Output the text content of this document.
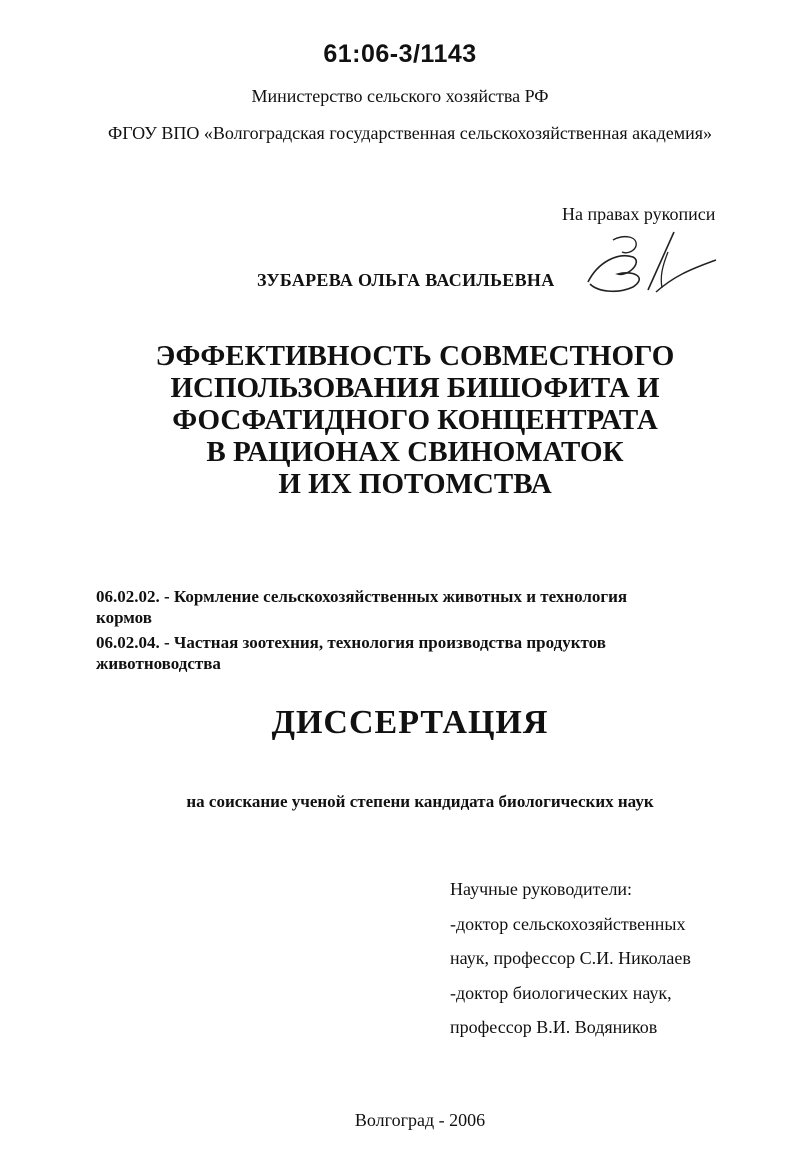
61:06-3/1143
Министерство сельского хозяйства РФ
ФГОУ ВПО «Волгоградская государственная сельскохозяйственная академия»
На правах рукописи
ЗУБАРЕВА ОЛЬГА ВАСИЛЬЕВНА
ЭФФЕКТИВНОСТЬ СОВМЕСТНОГО
ИСПОЛЬЗОВАНИЯ БИШОФИТА И
ФОСФАТИДНОГО КОНЦЕНТРАТА
В РАЦИОНАХ СВИНОМАТОК
И ИХ ПОТОМСТВА
06.02.02. - Кормление сельскохозяйственных животных и технология
кормов
06.02.04. - Частная зоотехния, технология производства продуктов
животноводства
ДИССЕРТАЦИЯ
на соискание ученой степени кандидата биологических наук
Научные руководители:
-доктор сельскохозяйственных
наук, профессор С.И. Николаев
-доктор биологических наук,
профессор В.И. Водяников
Волгоград - 2006
